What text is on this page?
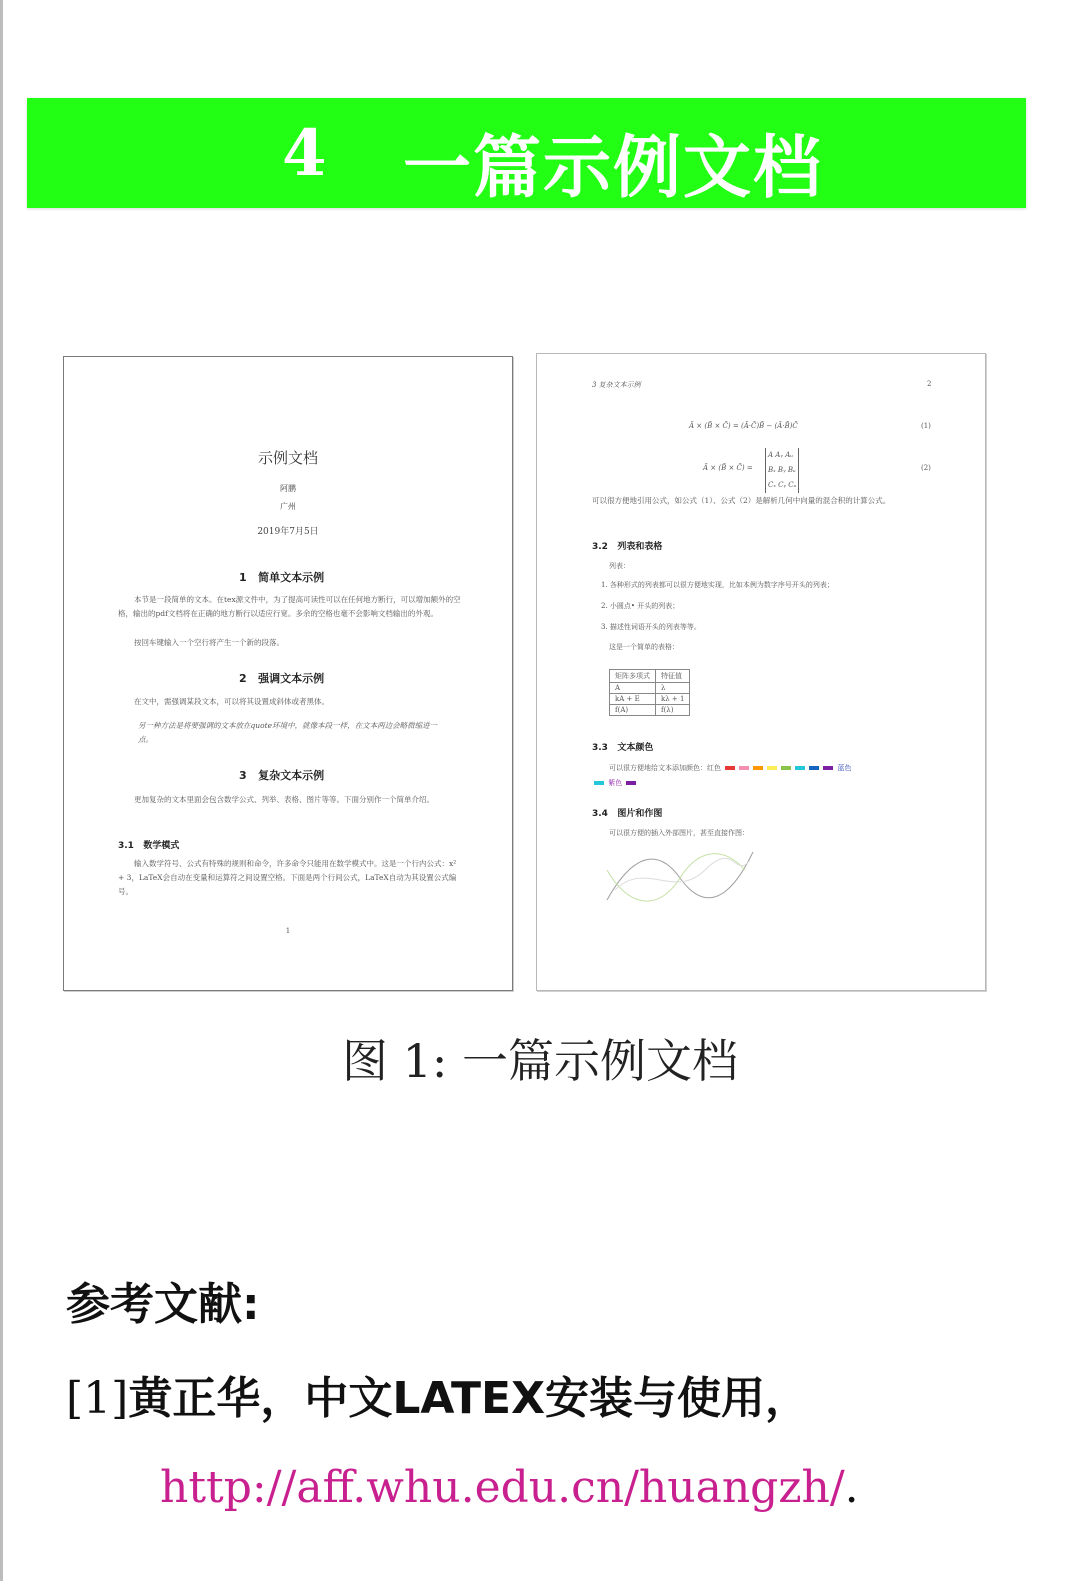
4 一篇示例文档
示例文档
阿鹏
广州
2019年7月5日
1 简单文本示例
本节是一段简单的文本。在tex源文件中，为了提高可读性可以在任何地方断行，可以增加额外的空格，输出的pdf文档将在正确的地方断行以适应行宽。多余的空格也毫不会影响文档输出的外观。
按回车键输入一个空行将产生一个新的段落。
2 强调文本示例
在文中，需强调某段文本，可以将其设置成斜体或者黑体。
另一种方法是将要强调的文本放在quote环境中，就像本段一样，在文本两边会略微缩进一点。
3 复杂文本示例
更加复杂的文本里面会包含数学公式、列举、表格、图片等等。下面分别作一个简单介绍。
3.1 数学模式
输入数学符号、公式有特殊的规则和命令，许多命令只能用在数学模式中。这是一个行内公式：x² + 3，LaTeX会自动在变量和运算符之间设置空格。下面是两个行间公式，LaTeX自动为其设置公式编号。
1
3 复杂文本示例	2
Ã × (B̃ × C̃) = (Ã·C̃)B̃ − (Ã·B̃)C̃	(1)
Ã × (B̃ × C̃) =
A Aᵧ Aᵤ
Bₓ Bᵧ Bᵤ
Cₓ Cᵧ Cᵤ
(2)
可以很方便地引用公式，如公式（1）、公式（2）是解析几何中向量的混合积的计算公式。
3.2 列表和表格
列表：
1. 各种形式的列表都可以很方便地实现，比如本例为数字序号开头的列表；
2. 小圆点• 开头的列表；
3. 描述性词语开头的列表等等。
这是一个简单的表格：
矩阵多项式	特征值
A	λ
kA + E	kλ + 1
f(A)	f(λ)
3.3 文本颜色
可以很方便地给文本添加颜色：红色	蓝色
紫色
3.4 图片和作图
可以很方便的插入外部图片，甚至直接作图：
图 1: 一篇示例文档
参考文献:
[1]黄正华，中文LATEX安装与使用，
http://aff.whu.edu.cn/huangzh/.
